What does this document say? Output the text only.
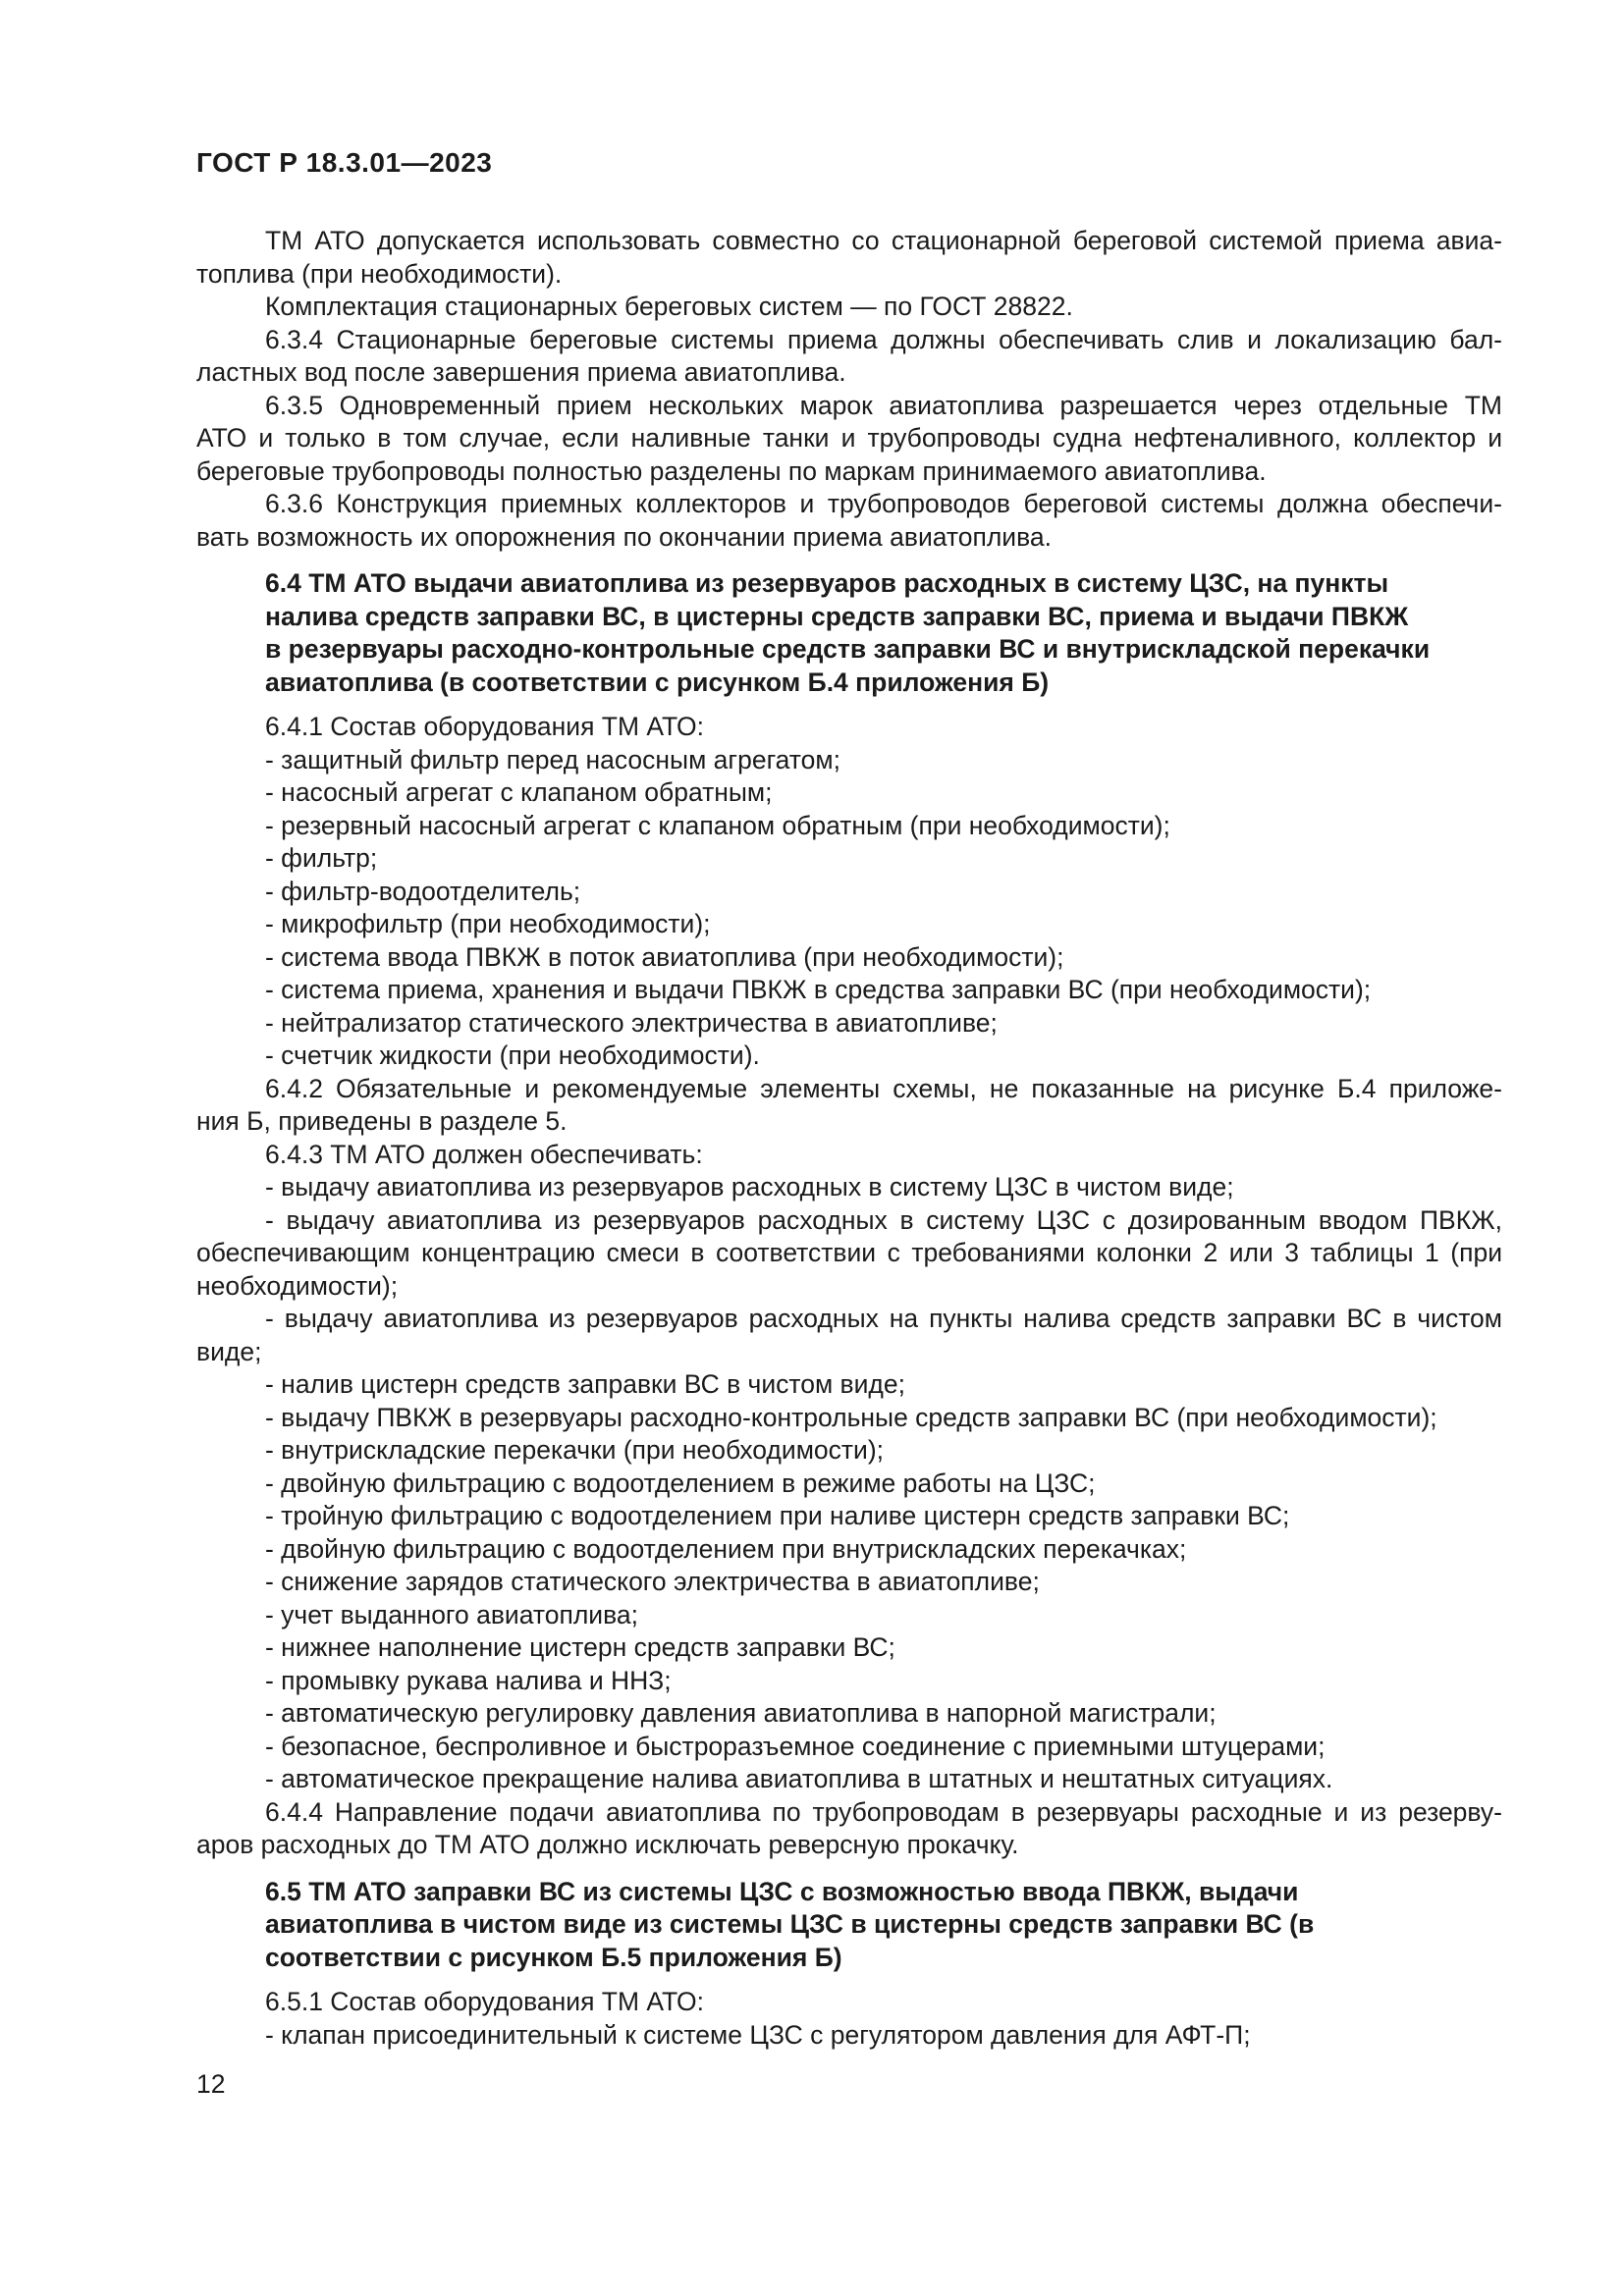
ГОСТ Р 18.3.01—2023
ТМ АТО допускается использовать совместно со стационарной береговой системой приема авиа-
топлива (при необходимости).
Комплектация стационарных береговых систем — по ГОСТ 28822.
6.3.4 Стационарные береговые системы приема должны обеспечивать слив и локализацию бал-
ластных вод после завершения приема авиатоплива.
6.3.5 Одновременный прием нескольких марок авиатоплива разрешается через отдельные ТМ
АТО и только в том случае, если наливные танки и трубопроводы судна нефтеналивного, коллектор и
береговые трубопроводы полностью разделены по маркам принимаемого авиатоплива.
6.3.6 Конструкция приемных коллекторов и трубопроводов береговой системы должна обеспечи-
вать возможность их опорожнения по окончании приема авиатоплива.
6.4 ТМ АТО выдачи авиатоплива из резервуаров расходных в систему ЦЗС, на пункты
налива средств заправки ВС, в цистерны средств заправки ВС, приема и выдачи ПВКЖ
в резервуары расходно-контрольные средств заправки ВС и внутрискладской перекачки
авиатоплива (в соответствии с рисунком Б.4 приложения Б)
6.4.1 Состав оборудования ТМ АТО:
- защитный фильтр перед насосным агрегатом;
- насосный агрегат с клапаном обратным;
- резервный насосный агрегат с клапаном обратным (при необходимости);
- фильтр;
- фильтр-водоотделитель;
- микрофильтр (при необходимости);
- система ввода ПВКЖ в поток авиатоплива (при необходимости);
- система приема, хранения и выдачи ПВКЖ в средства заправки ВС (при необходимости);
- нейтрализатор статического электричества в авиатопливе;
- счетчик жидкости (при необходимости).
6.4.2 Обязательные и рекомендуемые элементы схемы, не показанные на рисунке Б.4 приложе-
ния Б, приведены в разделе 5.
6.4.3 ТМ АТО должен обеспечивать:
- выдачу авиатоплива из резервуаров расходных в систему ЦЗС в чистом виде;
- выдачу авиатоплива из резервуаров расходных в систему ЦЗС с дозированным вводом ПВКЖ,
обеспечивающим концентрацию смеси в соответствии с требованиями колонки 2 или 3 таблицы 1 (при
необходимости);
- выдачу авиатоплива из резервуаров расходных на пункты налива средств заправки ВС в чистом
виде;
- налив цистерн средств заправки ВС в чистом виде;
- выдачу ПВКЖ в резервуары расходно-контрольные средств заправки ВС (при необходимости);
- внутрискладские перекачки (при необходимости);
- двойную фильтрацию с водоотделением в режиме работы на ЦЗС;
- тройную фильтрацию с водоотделением при наливе цистерн средств заправки ВС;
- двойную фильтрацию с водоотделением при внутрискладских перекачках;
- снижение зарядов статического электричества в авиатопливе;
- учет выданного авиатоплива;
- нижнее наполнение цистерн средств заправки ВС;
- промывку рукава налива и ННЗ;
- автоматическую регулировку давления авиатоплива в напорной магистрали;
- безопасное, беспроливное и быстроразъемное соединение с приемными штуцерами;
- автоматическое прекращение налива авиатоплива в штатных и нештатных ситуациях.
6.4.4 Направление подачи авиатоплива по трубопроводам в резервуары расходные и из резерву-
аров расходных до ТМ АТО должно исключать реверсную прокачку.
6.5 ТМ АТО заправки ВС из системы ЦЗС с возможностью ввода ПВКЖ, выдачи
авиатоплива в чистом виде из системы ЦЗС в цистерны средств заправки ВС (в
соответствии с рисунком Б.5 приложения Б)
6.5.1 Состав оборудования ТМ АТО:
- клапан присоединительный к системе ЦЗС с регулятором давления для АФТ-П;
12
